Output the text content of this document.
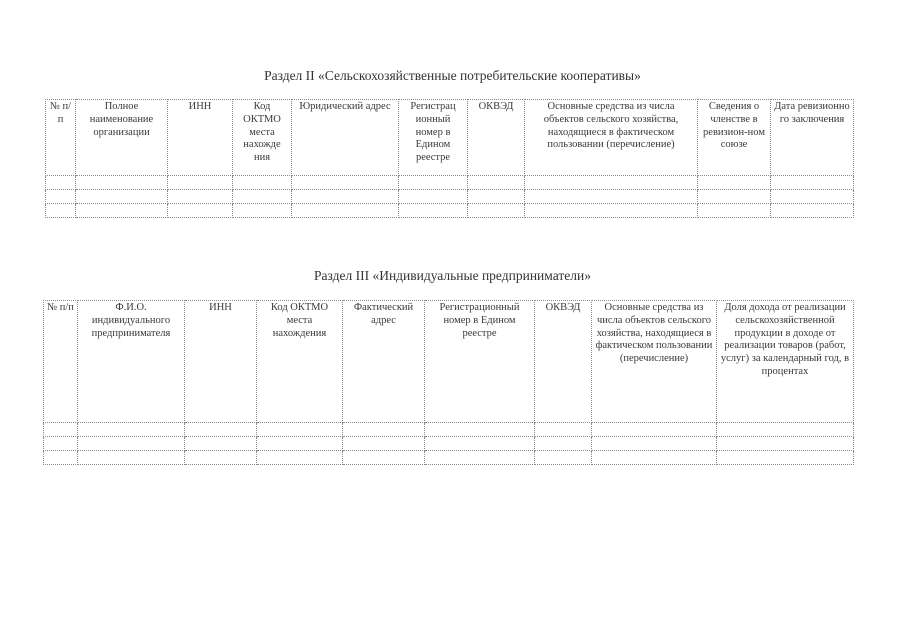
Раздел II «Сельскохозяйственные потребительские кооперативы»
№ п/ п	Полное наименование организации	ИНН	Код ОКТМО места нахожде ния	Юридический адрес	Регистрац ионный номер в Едином реестре	ОКВЭД	Основные средства из числа объектов сельского хозяйства, находящиеся в фактическом пользовании (перечисление)	Сведения о членстве в ревизион-ном союзе	Дата ревизионно го заключения

Раздел III «Индивидуальные предприниматели»
№ п/п	Ф.И.О. индивидуального предпринимателя	ИНН	Код ОКТМО места нахождения	Фактический адрес	Регистрационный номер в Едином реестре	ОКВЭД	Основные средства из числа объектов сельского хозяйства, находящиеся в фактическом пользовании (перечисление)	Доля дохода от реализации сельскохозяйственной продукции в доходе от реализации товаров (работ, услуг) за календарный год, в процентах
